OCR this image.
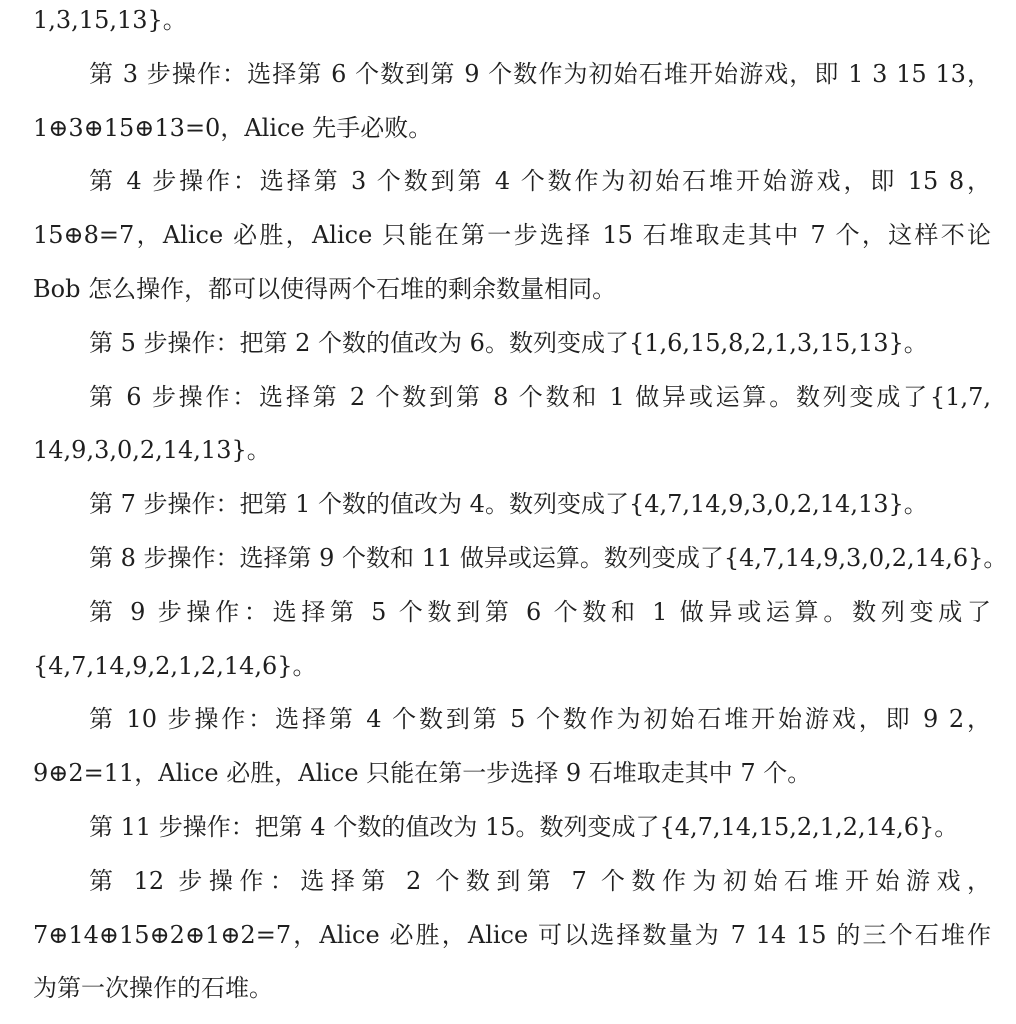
1,3,15,13}。
第 3 步操作：选择第 6 个数到第 9 个数作为初始石堆开始游戏，即 1 3 15 13，
1⊕3⊕15⊕13=0，Alice 先手必败。
第 4 步操作：选择第 3 个数到第 4 个数作为初始石堆开始游戏，即 15 8，
15⊕8=7，Alice 必胜，Alice 只能在第一步选择 15 石堆取走其中 7 个，这样不论
Bob 怎么操作，都可以使得两个石堆的剩余数量相同。
第 5 步操作：把第 2 个数的值改为 6。数列变成了{1,6,15,8,2,1,3,15,13}。
第 6 步操作：选择第 2 个数到第 8 个数和 1 做异或运算。数列变成了{1,7,
14,9,3,0,2,14,13}。
第 7 步操作：把第 1 个数的值改为 4。数列变成了{4,7,14,9,3,0,2,14,13}。
第 8 步操作：选择第 9 个数和 11 做异或运算。数列变成了{4,7,14,9,3,0,2,14,6}。
第 9 步操作：选择第 5 个数到第 6 个数和 1 做异或运算。数列变成了
{4,7,14,9,2,1,2,14,6}。
第 10 步操作：选择第 4 个数到第 5 个数作为初始石堆开始游戏，即 9 2，
9⊕2=11，Alice 必胜，Alice 只能在第一步选择 9 石堆取走其中 7 个。
第 11 步操作：把第 4 个数的值改为 15。数列变成了{4,7,14,15,2,1,2,14,6}。
第 12 步操作：选择第 2 个数到第 7 个数作为初始石堆开始游戏，
7⊕14⊕15⊕2⊕1⊕2=7，Alice 必胜，Alice 可以选择数量为 7 14 15 的三个石堆作
为第一次操作的石堆。
